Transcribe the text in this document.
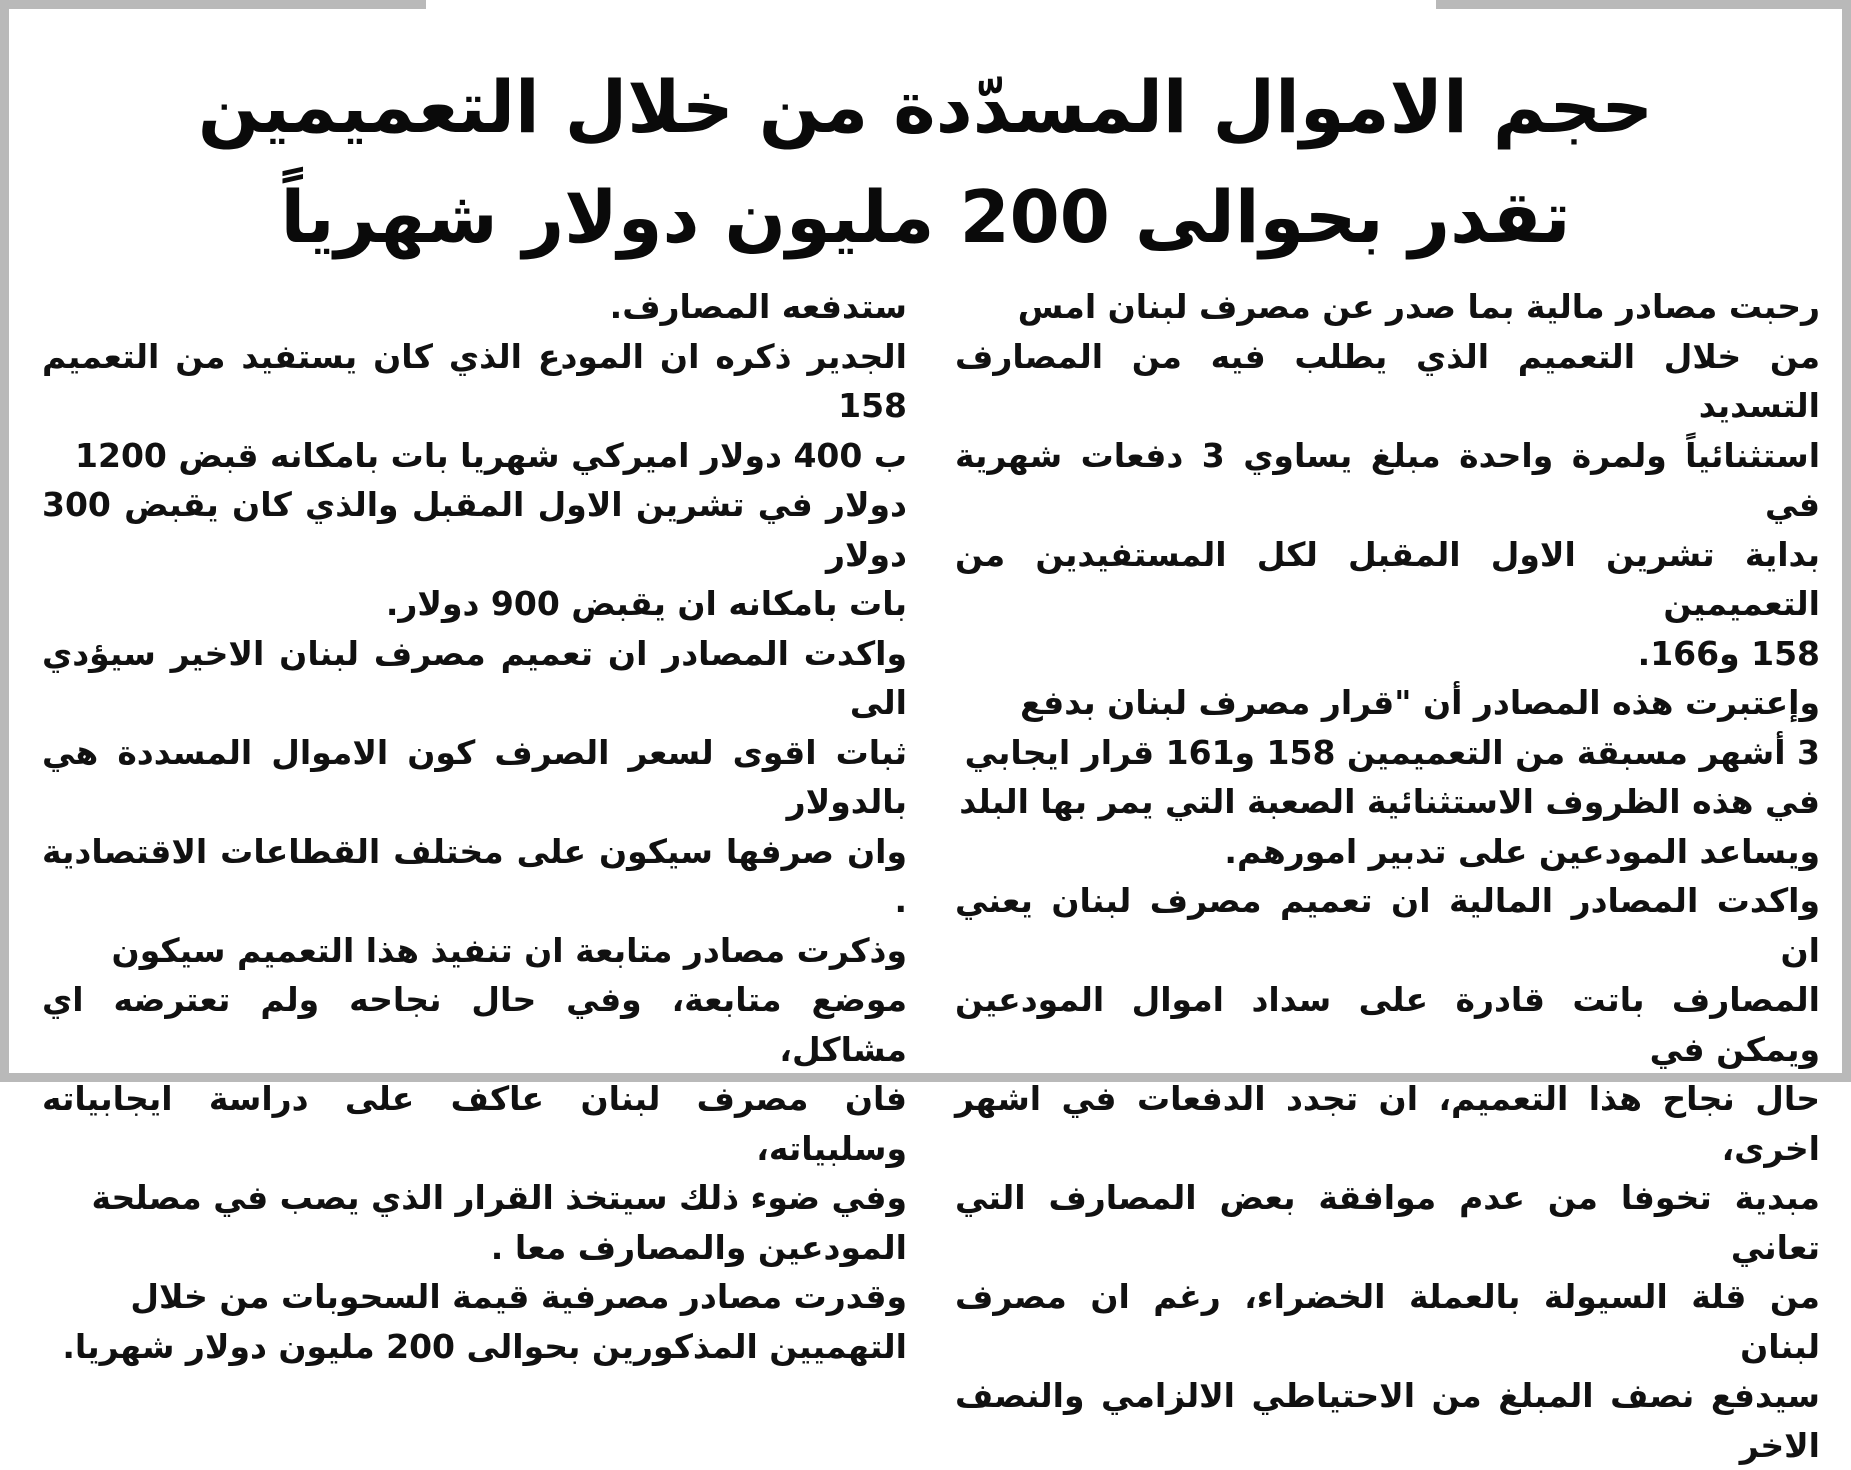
حجم الاموال المسدّدة من خلال التعميمين
تقدر بحوالى 200 مليون دولار شهرياً

رحبت مصادر مالية بما صدر عن مصرف لبنان امس
من خلال التعميم الذي يطلب فيه من المصارف التسديد
استثنائياً ولمرة واحدة مبلغ يساوي 3 دفعات شهرية في
بداية تشرين الاول المقبل لكل المستفيدين من التعميمين
158 و166.

وإعتبرت هذه المصادر أن "قرار مصرف لبنان بدفع
3 أشهر مسبقة من التعميمين 158 و161 قرار ايجابي
في هذه الظروف الاستثنائية الصعبة التي يمر بها البلد
ويساعد المودعين على تدبير امورهم.

واكدت المصادر المالية ان تعميم مصرف لبنان يعني ان
المصارف باتت قادرة على سداد اموال المودعين ويمكن في
حال نجاح هذا التعميم، ان تجدد الدفعات في اشهر اخرى،
مبدية تخوفا من عدم موافقة بعض المصارف التي تعاني
من قلة السيولة بالعملة الخضراء، رغم ان مصرف لبنان
سيدفع نصف المبلغ من الاحتياطي الالزامي والنصف الاخر

ستدفعه المصارف.

الجدير ذكره ان المودع الذي كان يستفيد من التعميم 158
ب 400 دولار اميركي شهريا بات بامكانه قبض 1200
دولار في تشرين الاول المقبل والذي كان يقبض 300 دولار
بات بامكانه ان يقبض 900 دولار.

واكدت المصادر ان تعميم مصرف لبنان الاخير سيؤدي الى
ثبات اقوى لسعر الصرف كون الاموال المسددة هي بالدولار
وان صرفها سيكون على مختلف القطاعات الاقتصادية .

وذكرت مصادر متابعة ان تنفيذ هذا التعميم سيكون
موضع متابعة، وفي حال نجاحه ولم تعترضه اي مشاكل،
فان مصرف لبنان عاكف على دراسة ايجابياته وسلبياته،
وفي ضوء ذلك سيتخذ القرار الذي يصب في مصلحة
المودعين والمصارف معا .

وقدرت مصادر مصرفية قيمة السحوبات من خلال
التهميين المذكورين بحوالى 200 مليون دولار شهريا.
